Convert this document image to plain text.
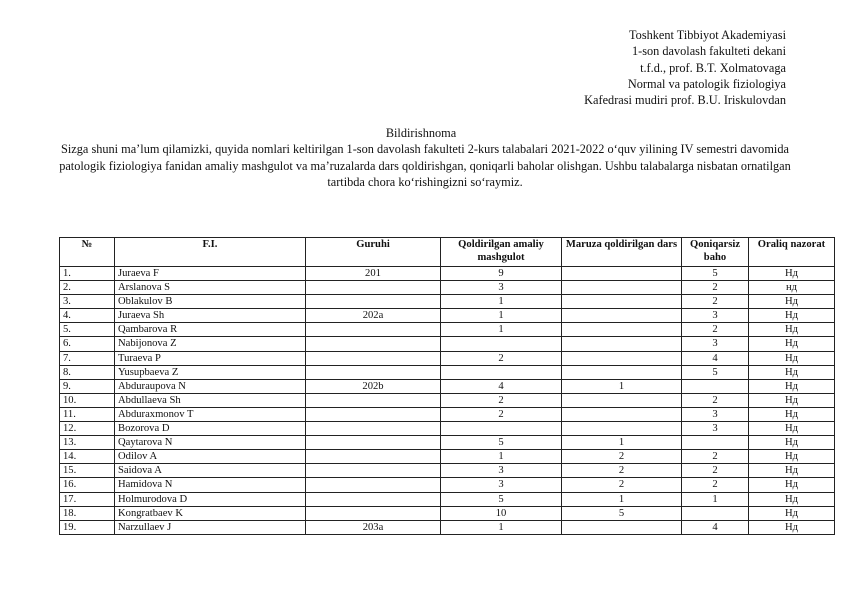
Toshkent Tibbiyot Akademiyasi
1-son davolash fakulteti dekani
t.f.d., prof. B.T. Xolmatovaga
Normal va patologik fiziologiya
Kafedrasi mudiri prof. B.U. Iriskulovdan
Bildirishnoma
Sizga shuni ma’lum qilamizki, quyida nomlari keltirilgan 1-son davolash fakulteti 2-kurs talabalari 2021-2022 o‘quv yilining IV semestri davomida patologik fiziologiya fanidan amaliy mashgulot va ma’ruzalarda dars qoldirishgan, qoniqarli baholar olishgan. Ushbu talabalarga nisbatan ornatilgan tartibda chora ko‘rishingizni so‘raymiz.
№	F.I.	Guruhi	Qoldirilgan amaliy mashgulot	Maruza qoldirilgan dars	Qoniqarsiz baho	Oraliq nazorat
1.	Juraeva F	201	9		5	Нд
2.	Arslanova S		3		2	нд
3.	Oblakulov B		1		2	Нд
4.	Juraeva Sh	202a	1		3	Нд
5.	Qambarova R		1		2	Нд
6.	Nabijonova Z				3	Нд
7.	Turaeva P		2		4	Нд
8.	Yusupbaeva Z				5	Нд
9.	Abduraupova N	202b	4	1		Нд
10.	Abdullaeva Sh		2		2	Нд
11.	Abduraxmonov T		2		3	Нд
12.	Bozorova D				3	Нд
13.	Qaytarova N		5	1		Нд
14.	Odilov A		1	2	2	Нд
15.	Saidova A		3	2	2	Нд
16.	Hamidova N		3	2	2	Нд
17.	Holmurodova D		5	1	1	Нд
18.	Kongratbaev K		10	5		Нд
19.	Narzullaev J	203a	1		4	Нд
